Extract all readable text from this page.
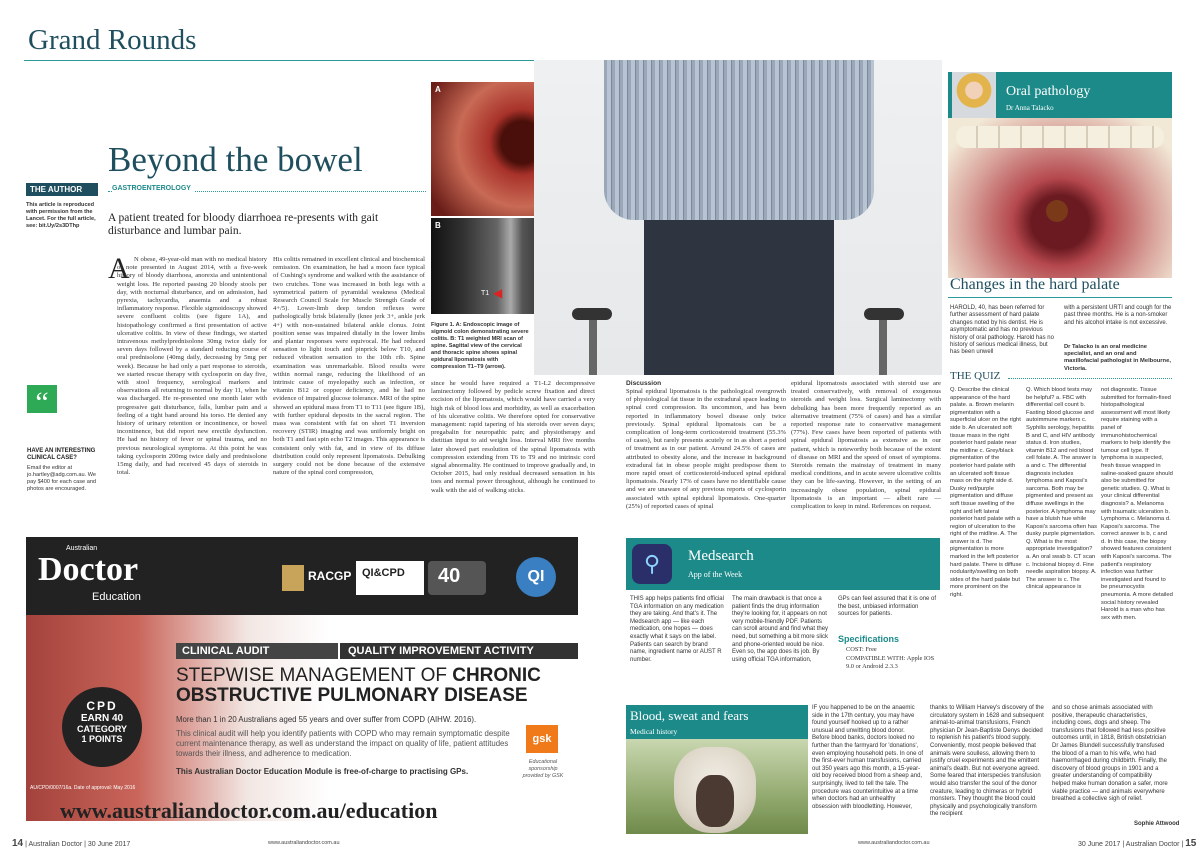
Grand Rounds
THE AUTHOR
This article is reproduced with permission from the Lancet. For the full article, see: bit.Uy/2s3DThp
“
HAVE AN INTERESTING CLINICAL CASE?
Email the editor at jo.hartley@adg.com.au. We pay $400 for each case and photos are encouraged.
Beyond the bowel
GASTROENTEROLOGY
A patient treated for bloody diarrhoea re-presents with gait disturbance and lumbar pain.
A N obese, 49-year-old man with no medical history of note presented in August 2014, with a five-week history of bloody diarrhoea, anorexia and unintentional weight loss. He reported passing 20 bloody stools per day, with nocturnal disturbance, and on admission, had pyrexia, tachycardia, anaemia and a robust inflammatory response. Flexible sigmoidoscopy showed severe confluent colitis (see figure 1A), and histopathology confirmed a first presentation of active ulcerative colitis. In view of these findings, we started intravenous methylprednisolone 30mg twice daily for seven days followed by a standard reducing course of oral prednisolone (40mg daily, decreasing by 5mg per week). Because he had only a part response to steroids, we started rescue therapy with cyclosporin on day five, with stool frequency, serological markers and observations all returning to normal by day 11, when he was discharged. He re-presented one month later with progressive gait disturbance, falls, lumbar pain and a feeling of a tight band around his torso. He denied any history of urinary retention or incontinence, or bowel incontinence, but did report new erectile dysfunction. He had no history of fever or spinal trauma, and no previous neurological symptoms. At this point he was taking cyclosporin 200mg twice daily and prednisolone 15mg daily, and had received 45 days of steroids in total.
His colitis remained in excellent clinical and biochemical remission. On examination, he had a moon face typical of Cushing's syndrome and walked with the assistance of two crutches. Tone was increased in both legs with a symmetrical pattern of pyramidal weakness (Medical Research Council Scale for Muscle Strength Grade of 4+/5). Lower-limb deep tendon reflexes were pathologically brisk bilaterally (knee jerk 3+, ankle jerk 4+) with non-sustained bilateral ankle clonus. Joint position sense was impaired distally in the lower limbs and plantar responses were equivocal. He had reduced sensation to light touch and pinprick below T10, and reduced vibration sensation to the 10th rib. Spine examination was unremarkable. Blood results were within normal range, reducing the likelihood of an intrinsic cause of myelopathy such as infection, or vitamin B12 or copper deficiency, and he had no evidence of impaired glucose tolerance. MRI of the spine showed an epidural mass from T1 to T11 (see figure 1B), with further epidural deposits in the sacral region. The mass was consistent with fat on short T1 inversion recovery (STIR) imaging and was uniformly bright on both T1 and fast spin echo T2 images. This appearance is consistent only with fat, and in view of its diffuse distribution could only represent lipomatosis. Debulking surgery could not be done because of the extensive nature of the spinal cord compression,
A
B
T1 ◀
Figure 1. A: Endoscopic image of sigmoid colon demonstrating severe colitis. B: T1 weighted MRI scan of spine. Sagittal view of the cervical and thoracic spine shows spinal epidural lipomatosis with compression T1–T9 (arrow).
since he would have required a T1-L2 decompressive laminectomy followed by pedicle screw fixation and direct excision of the lipomatosis, which would have carried a very high risk of blood loss and morbidity, as well as exacerbation of his ulcerative colitis. We therefore opted for conservative management: rapid tapering of his steroids over seven days; pregabalin for neuropathic pain; and physiotherapy and dietitian input to aid weight loss. Interval MRI five months later showed part resolution of the spinal lipomatosis with compression extending from T6 to T9 and no intrinsic cord signal abnormality. He continued to improve gradually and, in October 2015, had only residual decreased sensation in his toes and normal power throughout, although he continued to walk with the aid of walking sticks.
Australian
Doctor
Education
RACGP QI&CPD 40	QI
CLINICAL AUDIT	QUALITY IMPROVEMENT ACTIVITY
STEPWISE MANAGEMENT OF CHRONIC
OBSTRUCTIVE PULMONARY DISEASE
More than 1 in 20 Australians aged 55 years and over suffer from COPD (AIHW. 2016).
This clinical audit will help you identify patients with COPD who may remain symptomatic despite current maintenance therapy, as well as understand the impact on quality of life, patient attitudes towards their illness, and adherence to medication.
This Australian Doctor Education Module is free-of-charge to practising GPs.
CPD
EARN 40
CATEGORY
1 POINTS
AU/CPD/0007/16a. Date of approval: May 2016
gsk
Educational sponsorship provided by GSK
www.australiandoctor.com.au/education
14 | Australian Doctor | 30 June 2017	www.australiandoctor.com.au
Discussion
Spinal epidural lipomatosis is the pathological overgrowth of physiological fat tissue in the extradural space leading to spinal cord compression. Its uncommon, and has been reported in inflammatory bowel disease only twice previously. Spinal epidural lipomatosis can be a complication of long-term corticosteroid treatment (55.3% of cases), but rarely presents acutely or in as short a period of treatment as in our patient. Around 24.5% of cases are attributed to obesity alone, and the increase in background extradural fat in obese people might predispose them to more rapid onset of corticosteroid-induced spinal epidural lipomatosis. Nearly 17% of cases have no identifiable cause and we are unaware of any previous reports of cyclosporin associated with spinal epidural lipomatosis. One-quarter (25%) of reported cases of spinal
epidural lipomatosis associated with steroid use are treated conservatively, with removal of exogenous steroids and weight loss. Surgical laminectomy with debulking has been more frequently reported as an alternative treatment (75% of cases) and has a similar reported response rate to conservative management (77%). Few cases have been reported of patients with spinal epidural lipomatosis as extensive as in our patient, which is noteworthy both because of the extent of disease on MRI and the speed of onset of symptoms. Steroids remain the mainstay of treatment in many medical conditions, and in acute severe ulcerative colitis they can be life-saving. However, in the setting of an increasingly obese population, spinal epidural lipomatosis is an important — albeit rare — complication to keep in mind. References on request.
⚲	Medsearch
App of the Week
THIS app helps patients find official TGA information on any medication they are taking. And that's it. The Medsearch app — like each medication, one hopes — does exactly what it says on the label. Patients can search by brand name, ingredient name or AUST R number.
The main drawback is that once a patient finds the drug information they're looking for, it appears on not very mobile-friendly PDF. Patients can scroll around and find what they need, but something a bit more slick and phone-oriented would be nice. Even so, the app does its job. By using official TGA information,
GPs can feel assured that it is one of the best, unbiased information sources for patients.
Specifications
COST: Free
COMPATIBLE WITH: Apple IOS 9.0 or Android 2.3.3
Blood, sweat and fears
Medical history
IF you happened to be on the anaemic side in the 17th century, you may have found yourself hooked up to a rather unusual and unwitting blood donor. Before blood banks, doctors looked no further than the farmyard for 'donations', even employing household pets. In one of the first-ever human transfusions, carried out 350 years ago this month, a 15-year-old boy received blood from a sheep and, surprisingly, lived to tell the tale. The procedure was counterintuitive at a time when doctors had an unhealthy obsession with bloodletting. However,
thanks to William Harvey's discovery of the circulatory system in 1628 and subsequent animal-to-animal transfusions, French physician Dr Jean-Baptiste Denys decided to replenish his patient's blood supply. Conveniently, most people believed that animals were soulless, allowing them to justify cruel experiments and the emittent animal's death. But not everyone agreed. Some feared that interspecies transfusion would also transfer the soul of the donor creature, leading to chimeras or hybrid monsters. They thought the blood could physically and psychologically transform the recipient
and so chose animals associated with positive, therapeutic characteristics, including cows, dogs and sheep. The transfusions that followed had less positive outcomes until, in 1818, British obstetrician Dr James Blundell successfully transfused the blood of a man to his wife, who had haemorrhaged during childbirth. Finally, the discovery of blood groups in 1901 and a greater understanding of compatibility helped make human donation a safer, more viable practice — and animals everywhere breathed a collective sigh of relief.
Sophie Attwood
Oral pathology
Dr Anna Talacko
Changes in the hard palate
HAROLD, 40, has been referred for further assessment of hard palate changes noted by his dentist. He is asymptomatic and has no previous history of oral pathology. Harold has no history of serious medical illness, but has been unwell
with a persistent URTI and cough for the past three months. He is a non-smoker and his alcohol intake is not excessive.
Dr Talacko is an oral medicine specialist, and an oral and maxillofacial pathologist in Melbourne, Victoria.
THE QUIZ
Q. Describe the clinical appearance of the hard palate. a. Brown melanin pigmentation with a superficial ulcer on the right side b. An ulcerated soft tissue mass in the right posterior hard palate near the midline c. Grey/black pigmentation of the posterior hard palate with an ulcerated soft tissue mass on the right side d. Dusky red/purple pigmentation and diffuse soft tissue swelling of the right and left lateral posterior hard palate with a region of ulceration to the right of the midline. A. The answer is d. The pigmentation is more marked in the left posterior hard palate. There is diffuse nodularity/swelling on both sides of the hard palate but more prominent on the right.
Q. Which blood tests may be helpful? a. FBC with differential cell count b. Fasting blood glucose and autoimmune markers c. Syphilis serology, hepatitis B and C, and HIV antibody status d. Iron studies, vitamin B12 and red blood cell folate. A. The answer is a and c. The differential diagnosis includes lymphoma and Kaposi's sarcoma. Both may be pigmented and present as diffuse swellings in the posterior. A lymphoma may have a bluish hue while Kaposi's sarcoma often has dusky purple pigmentation. Q. What is the most appropriate investigation? a. An oral swab b. CT scan c. Incisional biopsy d. Fine needle aspiration biopsy. A. The answer is c. The clinical appearance is
not diagnostic. Tissue submitted for formalin-fixed histopathological assessment will most likely require staining with a panel of immunohistochemical markers to help identify the tumour cell type. If lymphoma is suspected, fresh tissue wrapped in saline-soaked gauze should also be submitted for genetic studies. Q. What is your clinical differential diagnosis? a. Melanoma with traumatic ulceration b. Lymphoma c. Melanoma d. Kaposi's sarcoma. The correct answer is b, c and d. In this case, the biopsy showed features consistent with Kaposi's sarcoma. The patient's respiratory infection was further investigated and found to be pneumocystis pneumonia. A more detailed social history revealed Harold is a man who has sex with men.
www.australiandoctor.com.au	30 June 2017 | Australian Doctor | 15
